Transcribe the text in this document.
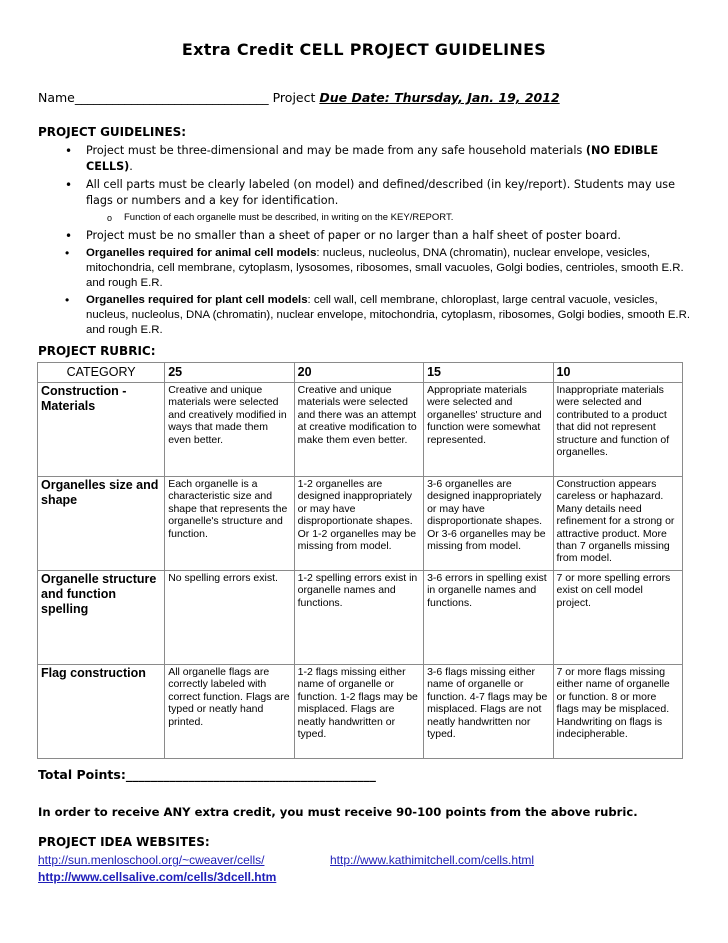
Extra Credit CELL PROJECT GUIDELINES
Name_______________________________ Project Due Date: Thursday, Jan. 19, 2012
PROJECT GUIDELINES:
• Project must be three-dimensional and may be made from any safe household materials (NO EDIBLE CELLS).
• All cell parts must be clearly labeled (on model) and defined/described (in key/report). Students may use flags or numbers and a key for identification.
o Function of each organelle must be described, in writing on the KEY/REPORT.
• Project must be no smaller than a sheet of paper or no larger than a half sheet of poster board.
• Organelles required for animal cell models: nucleus, nucleolus, DNA (chromatin), nuclear envelope, vesicles, mitochondria, cell membrane, cytoplasm, lysosomes, ribosomes, small vacuoles, Golgi bodies, centrioles, smooth E.R. and rough E.R.
• Organelles required for plant cell models: cell wall, cell membrane, chloroplast, large central vacuole, vesicles, nucleus, nucleolus, DNA (chromatin), nuclear envelope, mitochondria, cytoplasm, ribosomes, Golgi bodies, smooth E.R. and rough E.R.
PROJECT RUBRIC:
CATEGORY	25	20	15	10
Construction - Materials	Creative and unique materials were selected and creatively modified in ways that made them even better.	Creative and unique materials were selected and there was an attempt at creative modification to make them even better.	Appropriate materials were selected and organelles' structure and function were somewhat represented.	Inappropriate materials were selected and contributed to a product that did not represent structure and function of organelles.
Organelles size and shape	Each organelle is a characteristic size and shape that represents the organelle's structure and function.	1-2 organelles are designed inappropriately or may have disproportionate shapes. Or 1-2 organelles may be missing from model.	3-6 organelles are designed inappropriately or may have disproportionate shapes. Or 3-6 organelles may be missing from model.	Construction appears careless or haphazard. Many details need refinement for a strong or attractive product. More than 7 organells missing from model.
Organelle structure and function spelling	No spelling errors exist.	1-2 spelling errors exist in organelle names and functions.	3-6 errors in spelling exist in organelle names and functions.	7 or more spelling errors exist on cell model project.
Flag construction	All organelle flags are correctly labeled with correct function. Flags are typed or neatly hand printed.	1-2 flags missing either name of organelle or function. 1-2 flags may be misplaced. Flags are neatly handwritten or typed.	3-6 flags missing either name of organelle or function. 4-7 flags may be misplaced. Flags are not neatly handwritten nor typed.	7 or more flags missing either name of organelle or function. 8 or more flags may be misplaced. Handwriting on flags is indecipherable.
Total Points:________________________________________
In order to receive ANY extra credit, you must receive 90-100 points from the above rubric.
PROJECT IDEA WEBSITES:
http://sun.menloschool.org/~cweaver/cells/	http://www.kathimitchell.com/cells.html
http://www.cellsalive.com/cells/3dcell.htm
